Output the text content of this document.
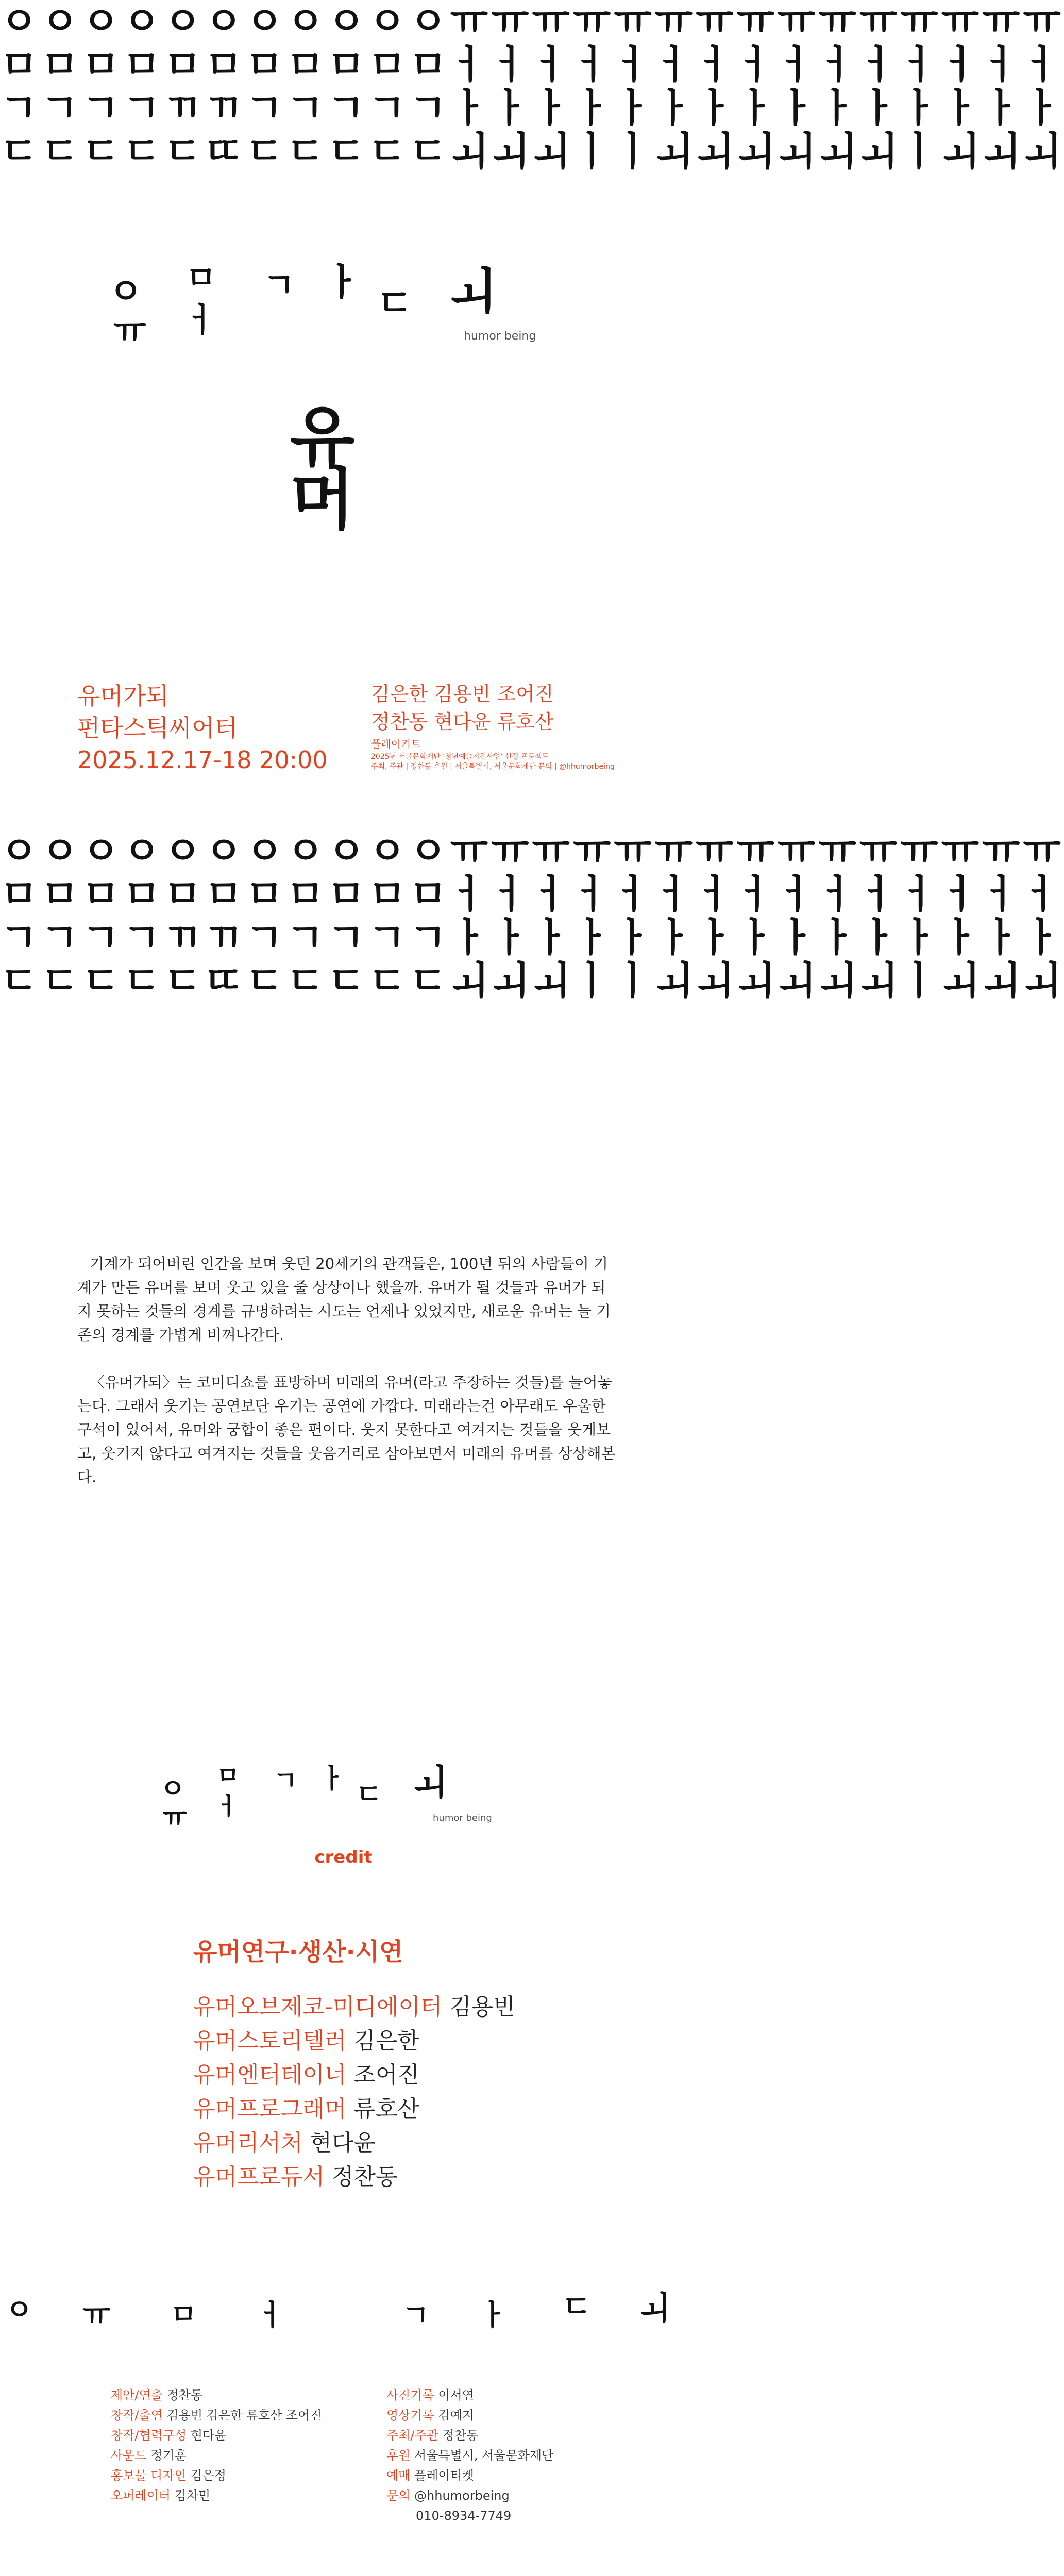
ㅇㅇㅇㅇㅇㅇㅇㅇㅇㅇㅇㅠㅠㅠㅠㅠㅠㅠㅠㅠㅠㅠㅠㅠㅠㅠ
ㅁㅁㅁㅁㅁㅁㅁㅁㅁㅁㅁㅓㅓㅓㅓㅓㅓㅓㅓㅓㅓㅓㅓㅓㅓㅓ
ㄱㄱㄱㄱㄲㄲㄱㄱㄱㄱㄱㅏㅏㅏㅏㅏㅏㅏㅏㅏㅏㅏㅏㅏㅏㅏ
ㄷㄷㄷㄷㄷㄸㄷㄷㄷㄷㄷㅚㅚㅚㅣㅣㅚㅚㅚㅚㅚㅚㅣㅚㅚㅚ
ㅇ
ㅠ
ㅁ
ㅓ
ㄱ ㅏ ㄷ ㅚ
humor being
유머
유머가되
펀타스틱씨어터
2025.12.17-18 20:00
김은한 김용빈 조어진
정찬동 현다윤 류호산
플레이키트
2025년 서울문화재단 '청년예술지원사업' 선정 프로젝트
주최, 주관 | 정찬동 후원 | 서울특별시, 서울문화재단 문의 | @hhumorbeing
ㅇㅇㅇㅇㅇㅇㅇㅇㅇㅇㅇㅠㅠㅠㅠㅠㅠㅠㅠㅠㅠㅠㅠㅠㅠㅠ
ㅁㅁㅁㅁㅁㅁㅁㅁㅁㅁㅁㅓㅓㅓㅓㅓㅓㅓㅓㅓㅓㅓㅓㅓㅓㅓ
ㄱㄱㄱㄱㄲㄲㄱㄱㄱㄱㄱㅏㅏㅏㅏㅏㅏㅏㅏㅏㅏㅏㅏㅏㅏㅏ
ㄷㄷㄷㄷㄷㄸㄷㄷㄷㄷㄷㅚㅚㅚㅣㅣㅚㅚㅚㅚㅚㅚㅣㅚㅚㅚ

기계가 되어버린 인간을 보며 웃던 20세기의 관객들은, 100년 뒤의 사람들이 기계가 만든 유머를 보며 웃고 있을 줄 상상이나 했을까. 유머가 될 것들과 유머가 되지 못하는 것들의 경계를 규명하려는 시도는 언제나 있었지만, 새로운 유머는 늘 기존의 경계를 가볍게 비껴나간다.

〈유머가되〉는 코미디쇼를 표방하며 미래의 유머(라고 주장하는 것들)를 늘어놓는다. 그래서 웃기는 공연보단 우기는 공연에 가깝다. 미래라는건 아무래도 우울한 구석이 있어서, 유머와 궁합이 좋은 편이다. 웃지 못한다고 여겨지는 것들을 웃게보고, 웃기지 않다고 여겨지는 것들을 웃음거리로 삼아보면서 미래의 유머를 상상해본다.

ㅇ
ㅠ
ㅁ
ㅓ
ㄱ ㅏ ㄷ ㅚ
humor being
credit
유머연구·생산·시연
유머오브제코-미디에이터 김용빈
유머스토리텔러 김은한
유머엔터테이너 조어진
유머프로그래머 류호산
유머리서처 현다윤
유머프로듀서 정찬동
ㅇ ㅠ ㅁ ㅓ	ㄱ ㅏ ㄷ ㅚ
제안/연출 정찬동
창작/출연 김용빈 김은한 류호산 조어진
창작/협력구성 현다윤
사운드 정기훈
홍보물 디자인 김은정
오퍼레이터 김차민
사진기록 이서연
영상기록 김예지
주최/주관 정찬동
후원 서울특별시, 서울문화재단
예매 플레이티켓
문의 @hhumorbeing
010-8934-7749
